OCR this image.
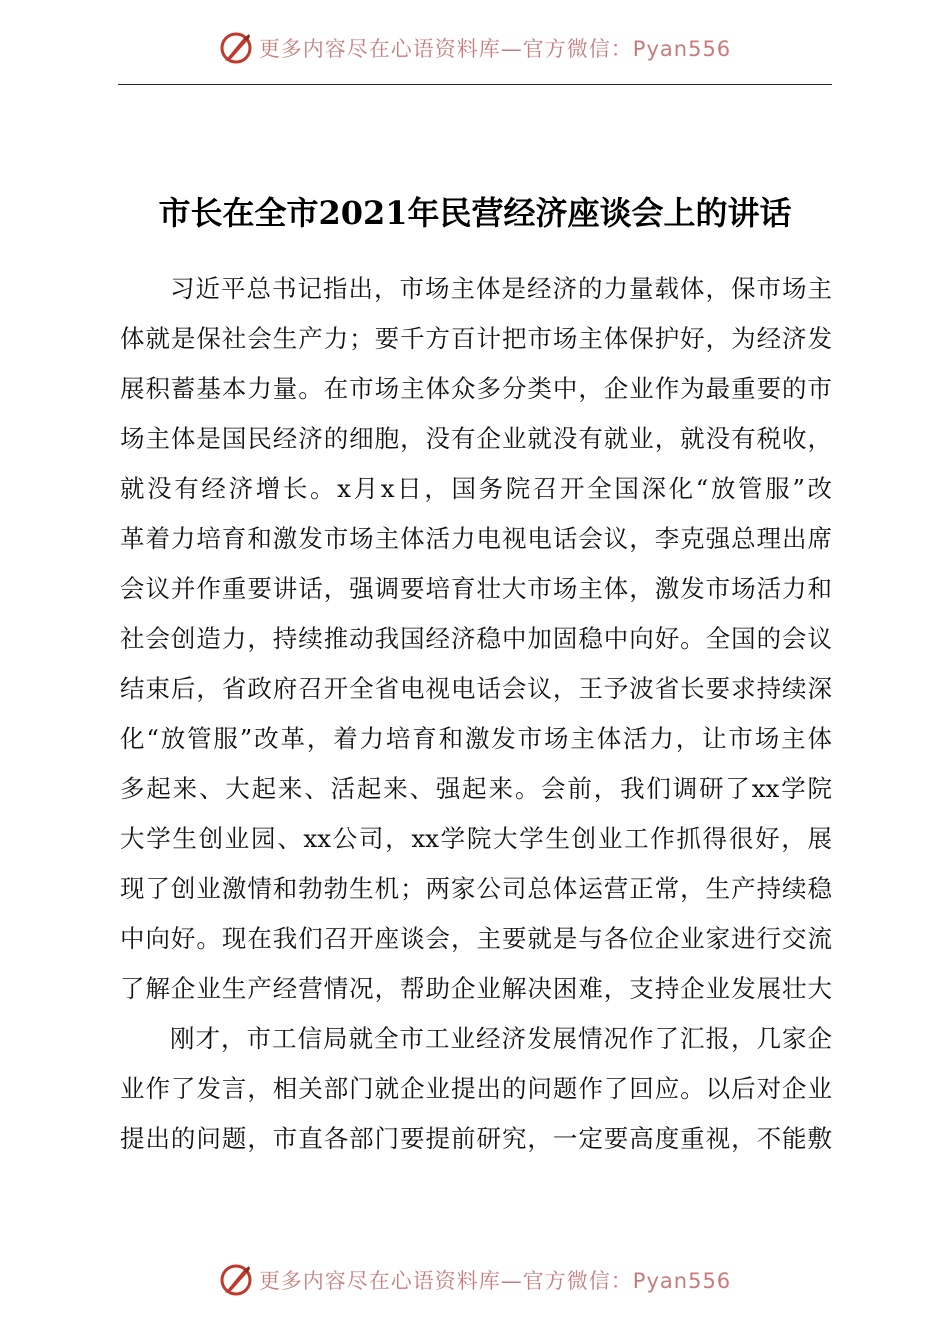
更多内容尽在心语资料库—官方微信：Pyan556
市长在全市2021年民营经济座谈会上的讲话
习近平总书记指出，市场主体是经济的力量载体，保市场主
体就是保社会生产力；要千方百计把市场主体保护好，为经济发
展积蓄基本力量。在市场主体众多分类中，企业作为最重要的市
场主体是国民经济的细胞，没有企业就没有就业，就没有税收，
就没有经济增长。x月x日，国务院召开全国深化“放管服”改
革着力培育和激发市场主体活力电视电话会议，李克强总理出席
会议并作重要讲话，强调要培育壮大市场主体，激发市场活力和
社会创造力，持续推动我国经济稳中加固稳中向好。全国的会议
结束后，省政府召开全省电视电话会议，王予波省长要求持续深
化“放管服”改革，着力培育和激发市场主体活力，让市场主体
多起来、大起来、活起来、强起来。会前，我们调研了xx学院
大学生创业园、xx公司，xx学院大学生创业工作抓得很好，展
现了创业激情和勃勃生机；两家公司总体运营正常，生产持续稳
中向好。现在我们召开座谈会，主要就是与各位企业家进行交流
了解企业生产经营情况，帮助企业解决困难，支持企业发展壮大
刚才，市工信局就全市工业经济发展情况作了汇报，几家企
业作了发言，相关部门就企业提出的问题作了回应。以后对企业
提出的问题，市直各部门要提前研究，一定要高度重视，不能敷
更多内容尽在心语资料库—官方微信：Pyan556
